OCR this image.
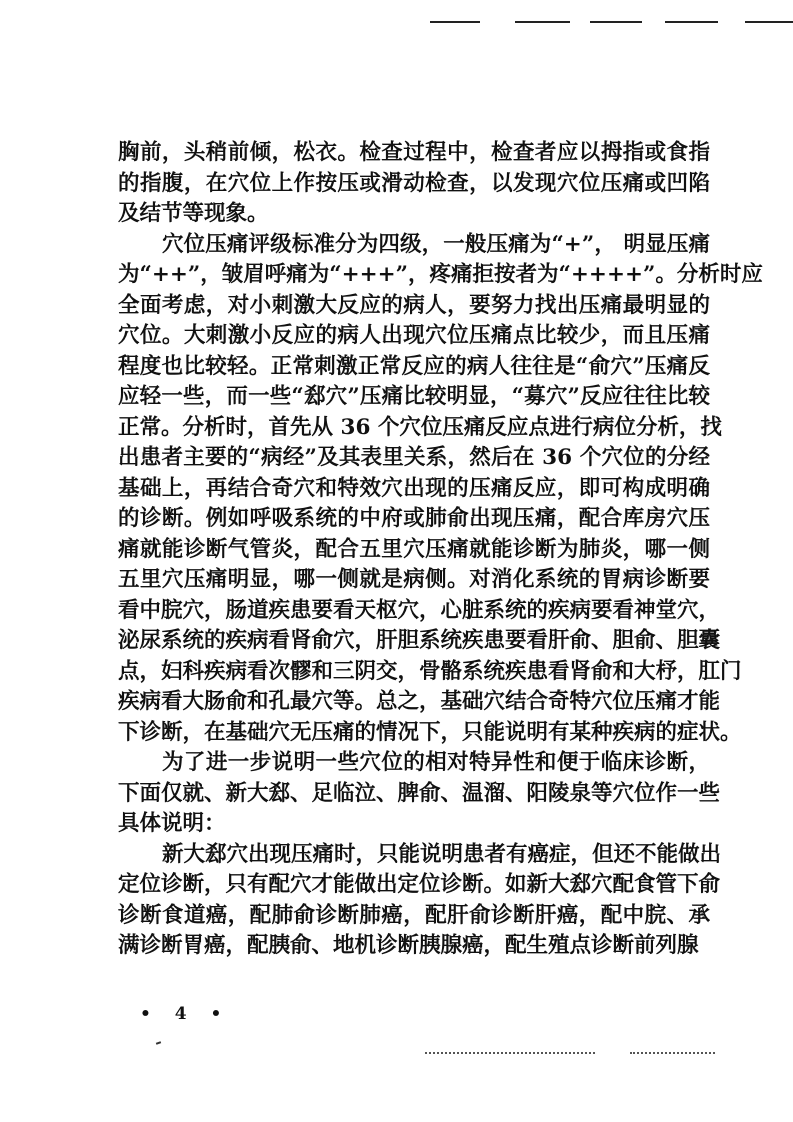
胸前，头稍前倾，松衣。检查过程中，检查者应以拇指或食指
的指腹，在穴位上作按压或滑动检查，以发现穴位压痛或凹陷
及结节等现象。
穴位压痛评级标准分为四级，一般压痛为“+”， 明显压痛
为“++”，皱眉呼痛为“+++”，疼痛拒按者为“++++”。分析时应
全面考虑，对小刺激大反应的病人，要努力找出压痛最明显的
穴位。大刺激小反应的病人出现穴位压痛点比较少，而且压痛
程度也比较轻。正常刺激正常反应的病人往往是“俞穴”压痛反
应轻一些，而一些“郄穴”压痛比较明显，“募穴”反应往往比较
正常。分析时，首先从 36 个穴位压痛反应点进行病位分析，找
出患者主要的“病经”及其表里关系，然后在 36 个穴位的分经
基础上，再结合奇穴和特效穴出现的压痛反应，即可构成明确
的诊断。例如呼吸系统的中府或肺俞出现压痛，配合库房穴压
痛就能诊断气管炎，配合五里穴压痛就能诊断为肺炎，哪一侧
五里穴压痛明显，哪一侧就是病侧。对消化系统的胃病诊断要
看中脘穴，肠道疾患要看天枢穴，心脏系统的疾病要看神堂穴，
泌尿系统的疾病看肾俞穴，肝胆系统疾患要看肝俞、胆俞、胆囊
点，妇科疾病看次髎和三阴交，骨骼系统疾患看肾俞和大杼，肛门
疾病看大肠俞和孔最穴等。总之，基础穴结合奇特穴位压痛才能
下诊断，在基础穴无压痛的情况下，只能说明有某种疾病的症状。
为了进一步说明一些穴位的相对特异性和便于临床诊断，
下面仅就、新大郄、足临泣、脾俞、温溜、阳陵泉等穴位作一些
具体说明：
新大郄穴出现压痛时，只能说明患者有癌症，但还不能做出
定位诊断，只有配穴才能做出定位诊断。如新大郄穴配食管下俞
诊断食道癌，配肺俞诊断肺癌，配肝俞诊断肝癌，配中脘、承
满诊断胃癌，配胰俞、地机诊断胰腺癌，配生殖点诊断前列腺
• 4 •
